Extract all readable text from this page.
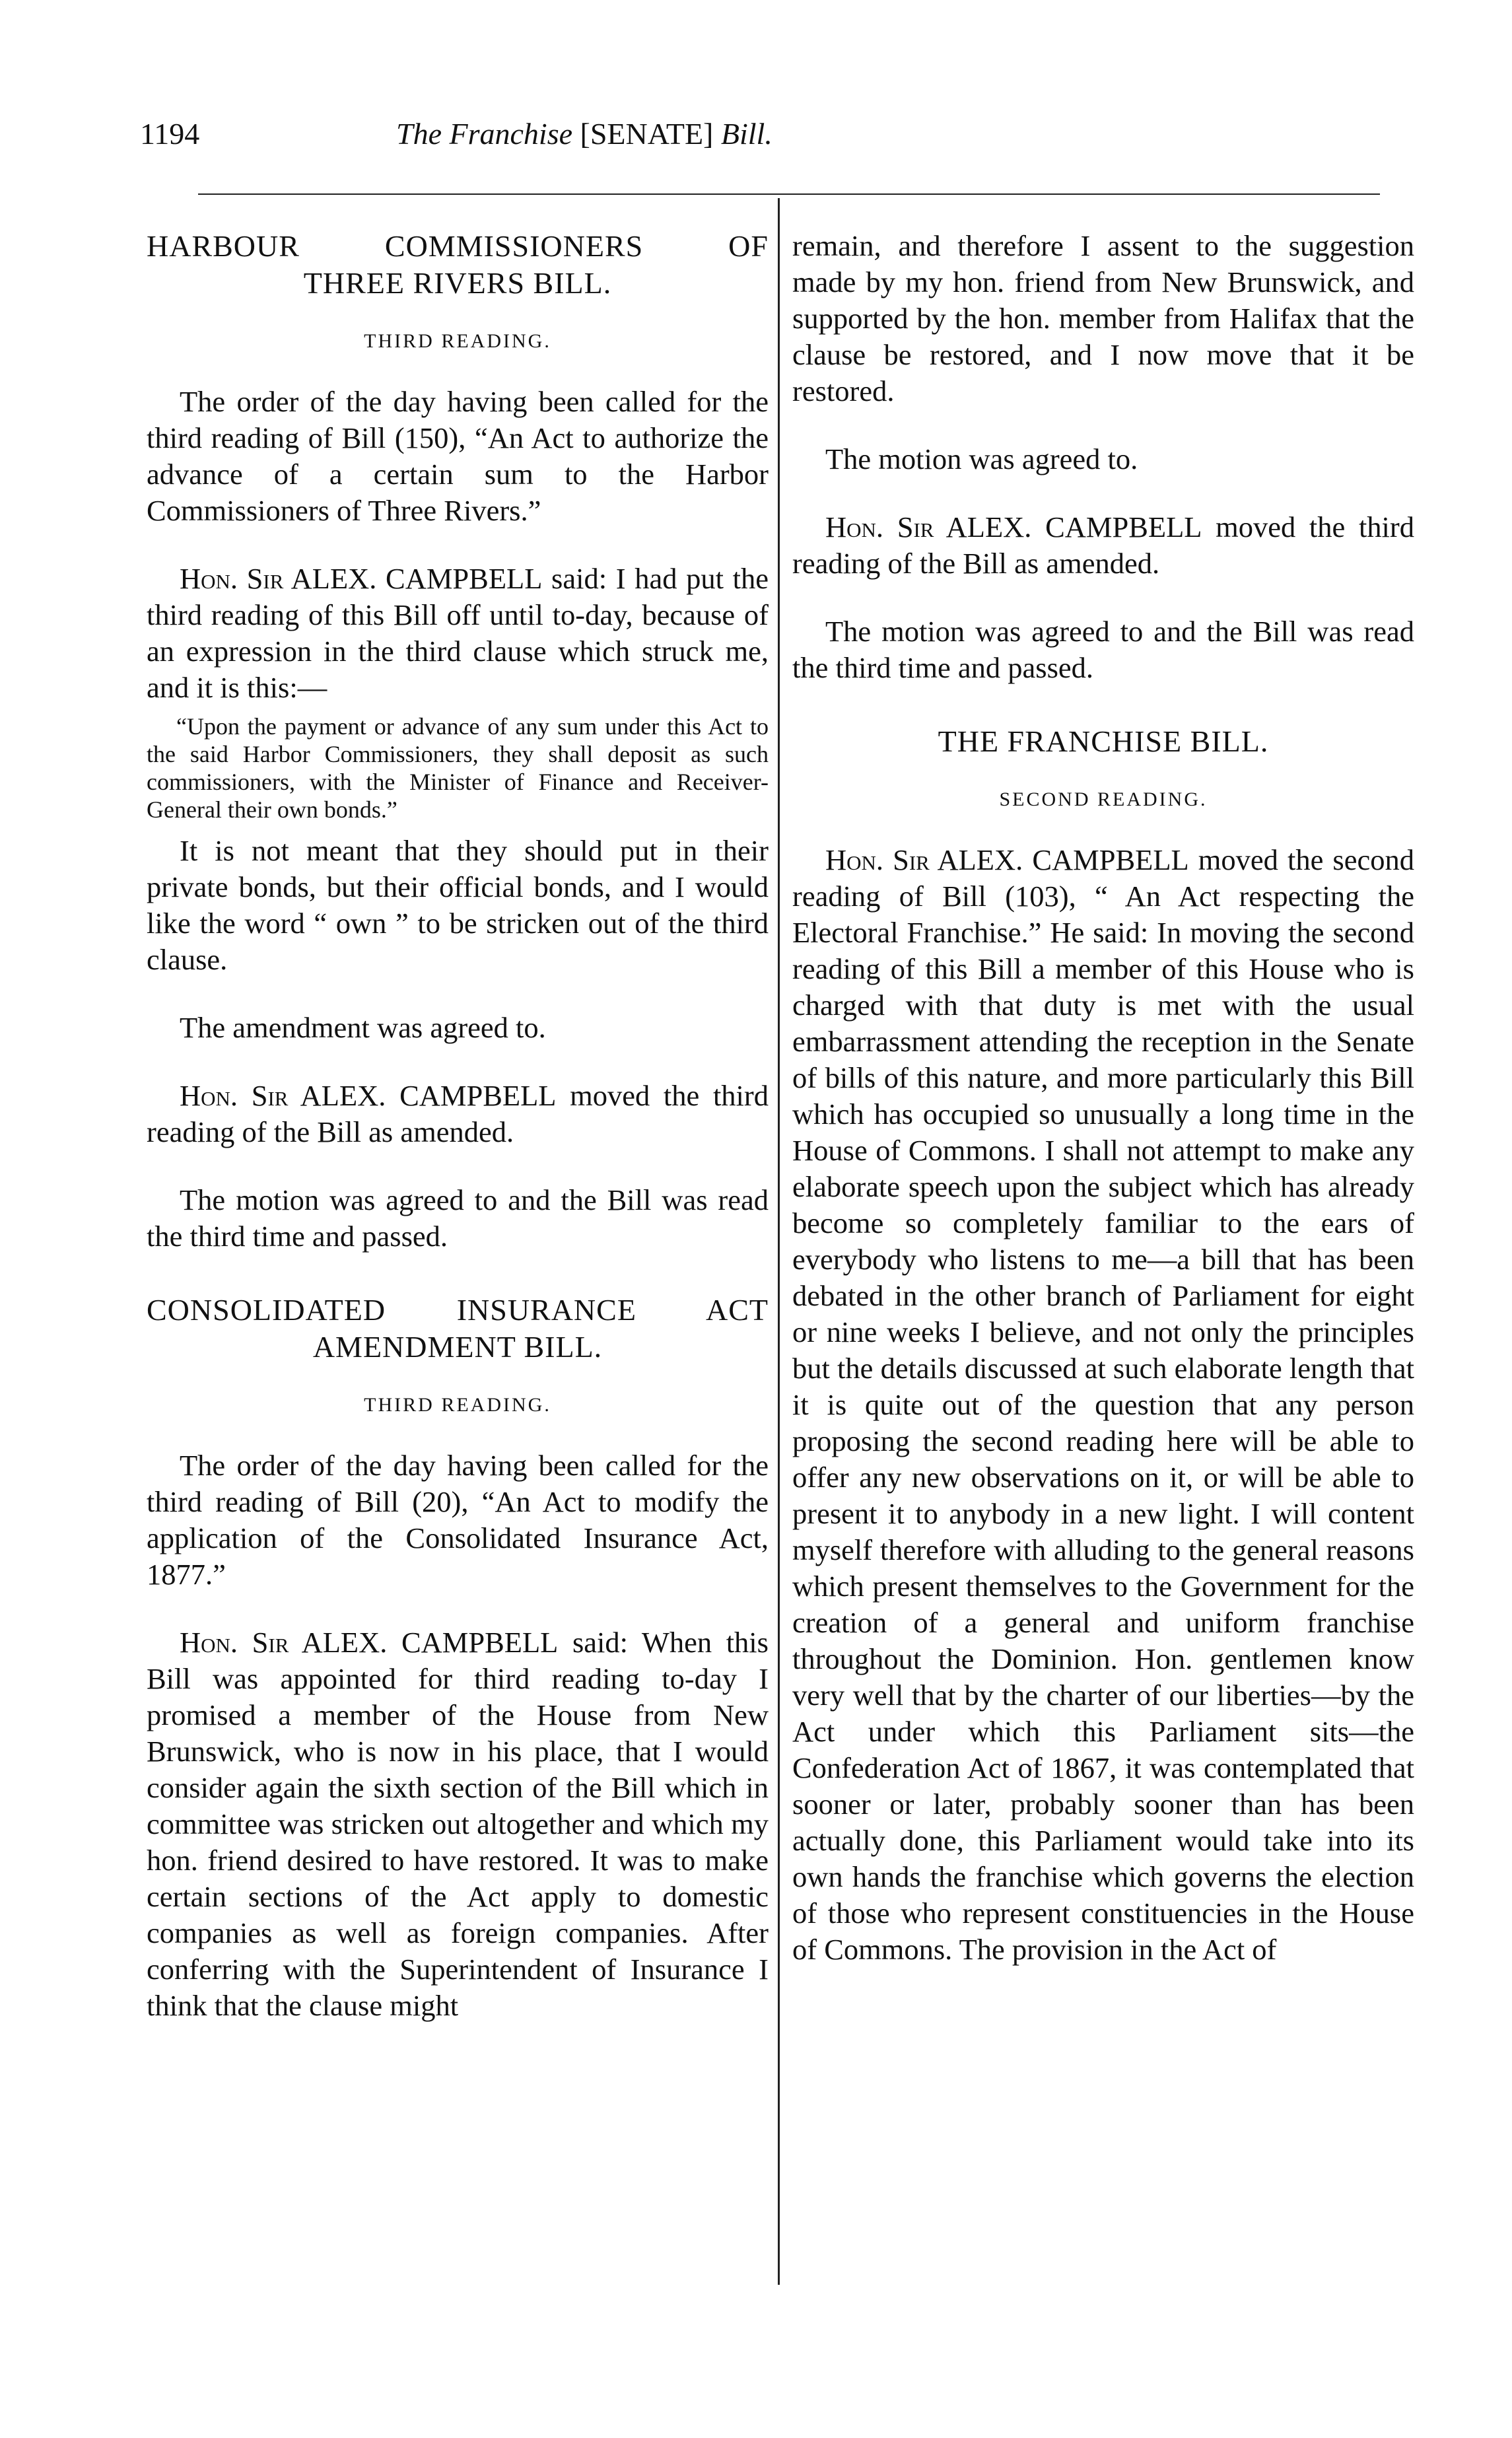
1194	The Franchise [SENATE] Bill.
HARBOUR COMMISSIONERS OF
THREE RIVERS BILL.
THIRD READING.

The order of the day having been called for the third reading of Bill (150), “An Act to authorize the advance of a certain sum to the Harbor Commissioners of Three Rivers.”

Hon. Sir ALEX. CAMPBELL said: I had put the third reading of this Bill off until to-day, because of an expression in the third clause which struck me, and it is this:—

“Upon the payment or advance of any sum under this Act to the said Harbor Commissioners, they shall deposit as such commissioners, with the Minister of Finance and Receiver-General their own bonds.”

It is not meant that they should put in their private bonds, but their official bonds, and I would like the word “ own ” to be stricken out of the third clause.

The amendment was agreed to.

Hon. Sir ALEX. CAMPBELL moved the third reading of the Bill as amended.

The motion was agreed to and the Bill was read the third time and passed.

CONSOLIDATED INSURANCE ACT
AMENDMENT BILL.
THIRD READING.

The order of the day having been called for the third reading of Bill (20), “An Act to modify the application of the Consolidated Insurance Act, 1877.”

Hon. Sir ALEX. CAMPBELL said: When this Bill was appointed for third reading to-day I promised a member of the House from New Brunswick, who is now in his place, that I would consider again the sixth section of the Bill which in committee was stricken out altogether and which my hon. friend desired to have restored. It was to make certain sections of the Act apply to domestic companies as well as foreign companies. After conferring with the Superintendent of Insurance I think that the clause might

remain, and therefore I assent to the suggestion made by my hon. friend from New Brunswick, and supported by the hon. member from Halifax that the clause be restored, and I now move that it be restored.

The motion was agreed to.

Hon. Sir ALEX. CAMPBELL moved the third reading of the Bill as amended.

The motion was agreed to and the Bill was read the third time and passed.

THE FRANCHISE BILL.
SECOND READING.

Hon. Sir ALEX. CAMPBELL moved the second reading of Bill (103), “ An Act respecting the Electoral Franchise.” He said: In moving the second reading of this Bill a member of this House who is charged with that duty is met with the usual embarrassment attending the reception in the Senate of bills of this nature, and more particularly this Bill which has occupied so unusually a long time in the House of Commons. I shall not attempt to make any elaborate speech upon the subject which has already become so completely familiar to the ears of everybody who listens to me—a bill that has been debated in the other branch of Parliament for eight or nine weeks I believe, and not only the principles but the details discussed at such elaborate length that it is quite out of the question that any person proposing the second reading here will be able to offer any new observations on it, or will be able to present it to anybody in a new light. I will content myself therefore with alluding to the general reasons which present themselves to the Government for the creation of a general and uniform franchise throughout the Dominion. Hon. gentlemen know very well that by the charter of our liberties—by the Act under which this Parliament sits—the Confederation Act of 1867, it was contemplated that sooner or later, probably sooner than has been actually done, this Parliament would take into its own hands the franchise which governs the election of those who represent constituencies in the House of Commons. The provision in the Act of
